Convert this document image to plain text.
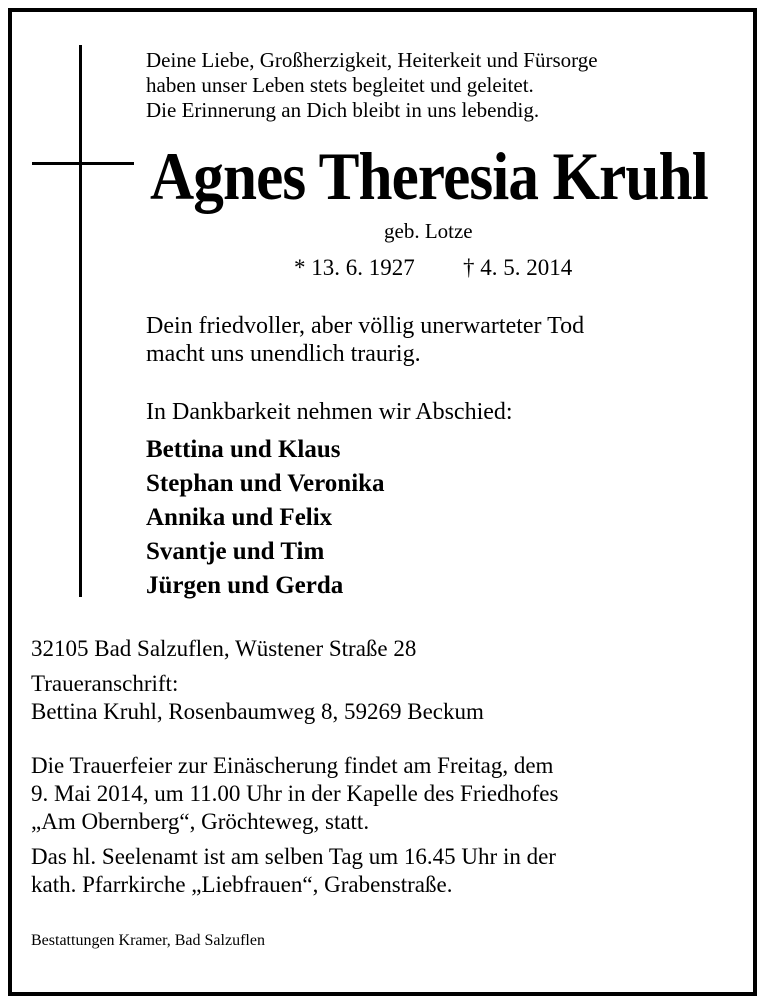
Deine Liebe, Großherzigkeit, Heiterkeit und Fürsorge
haben unser Leben stets begleitet und geleitet.
Die Erinnerung an Dich bleibt in uns lebendig.
Agnes Theresia Kruhl
geb. Lotze
* 13. 6. 1927 † 4. 5. 2014
Dein friedvoller, aber völlig unerwarteter Tod
macht uns unendlich traurig.
In Dankbarkeit nehmen wir Abschied:
Bettina und Klaus
Stephan und Veronika
Annika und Felix
Svantje und Tim
Jürgen und Gerda
32105 Bad Salzuflen, Wüstener Straße 28
Traueranschrift:
Bettina Kruhl, Rosenbaumweg 8, 59269 Beckum
Die Trauerfeier zur Einäscherung findet am Freitag, dem
9. Mai 2014, um 11.00 Uhr in der Kapelle des Friedhofes
„Am Obernberg“, Gröchteweg, statt.
Das hl. Seelenamt ist am selben Tag um 16.45 Uhr in der
kath. Pfarrkirche „Liebfrauen“, Grabenstraße.
Bestattungen Kramer, Bad Salzuflen
